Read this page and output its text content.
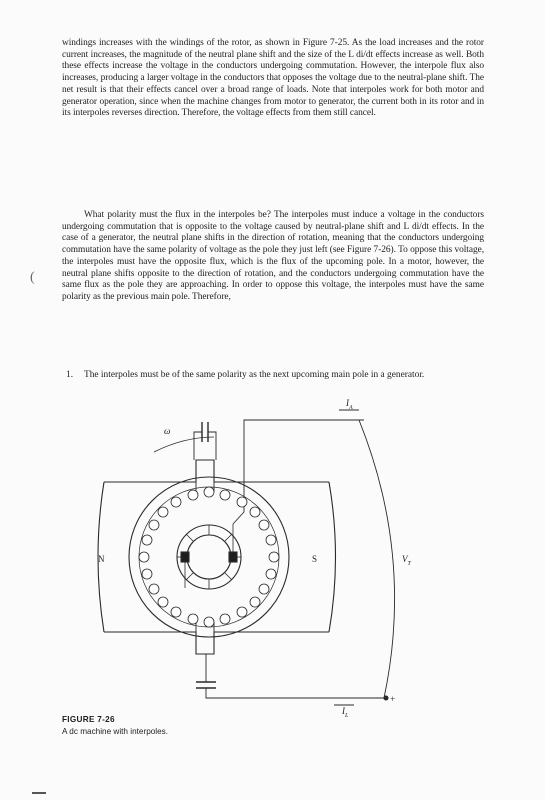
windings increases with the windings of the rotor, as shown in Figure 7-25. As the load increases and the rotor current increases, the magnitude of the neutral plane shift and the size of the L di/dt effects increase as well. Both these effects increase the voltage in the conductors undergoing commutation. However, the interpole flux also increases, producing a larger voltage in the conductors that opposes the voltage due to the neutral-plane shift. The net result is that their effects cancel over a broad range of loads. Note that interpoles work for both motor and generator operation, since when the machine changes from motor to generator, the current both in its rotor and in its interpoles reverses direction. Therefore, the voltage effects from them still cancel.

What polarity must the flux in the interpoles be? The interpoles must induce a voltage in the conductors undergoing commutation that is opposite to the voltage caused by neutral-plane shift and L di/dt effects. In the case of a generator, the neutral plane shifts in the direction of rotation, meaning that the conductors undergoing commutation have the same polarity of voltage as the pole they just left (see Figure 7-26). To oppose this voltage, the interpoles must have the opposite flux, which is the flux of the upcoming pole. In a motor, however, the neutral plane shifts opposite to the direction of rotation, and the conductors undergoing commutation have the same flux as the pole they are approaching. In order to oppose this voltage, the interpoles must have the same polarity as the previous main pole. Therefore,

1.	The interpoles must be of the same polarity as the next upcoming main pole in a generator.
(
ω
$I_A$
$V_T$
$I_L$
S
N
+
FIGURE 7-26
A dc machine with interpoles.
